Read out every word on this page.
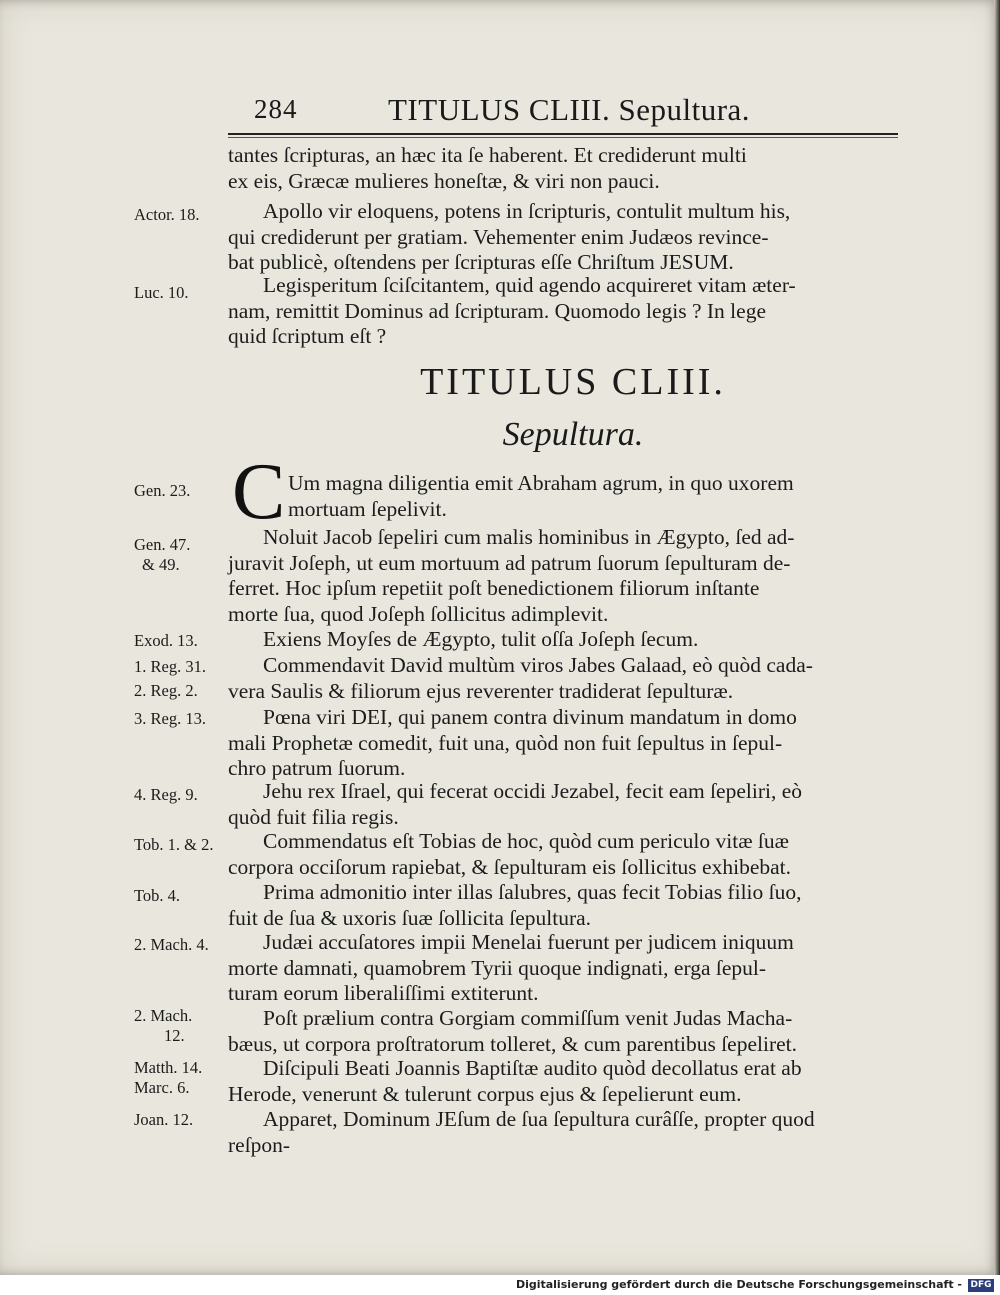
284	TITULUS CLIII. Sepultura.
tantes ſcripturas, an hæc ita ſe haberent. Et crediderunt multi
ex eis, Græcæ mulieres honeſtæ, & viri non pauci.
Actor. 18.	Apollo vir eloquens, potens in ſcripturis, contulit multum his,
qui crediderunt per gratiam. Vehementer enim Judæos revince-
bat publicè, oſtendens per ſcripturas eſſe Chriſtum JESUM.
Luc. 10.	Legisperitum ſciſcitantem, quid agendo acquireret vitam æter-
nam, remittit Dominus ad ſcripturam. Quomodo legis ? In lege
quid ſcriptum eſt ?
TITULUS CLIII.
Sepultura.
C
Gen. 23.	Um magna diligentia emit Abraham agrum, in quo uxorem
mortuam ſepelivit.
Gen. 47.
& 49.
Noluit Jacob ſepeliri cum malis hominibus in Ægypto, ſed ad-
juravit Joſeph, ut eum mortuum ad patrum ſuorum ſepulturam de-
ferret. Hoc ipſum repetiit poſt benedictionem filiorum inſtante
morte ſua, quod Joſeph ſollicitus adimplevit.
Exod. 13.	Exiens Moyſes de Ægypto, tulit oſſa Joſeph ſecum.
1. Reg. 31.
2. Reg. 2.
Commendavit David multùm viros Jabes Galaad, eò quòd cada-
vera Saulis & filiorum ejus reverenter tradiderat ſepulturæ.
3. Reg. 13.	Pœna viri DEI, qui panem contra divinum mandatum in domo
mali Prophetæ comedit, fuit una, quòd non fuit ſepultus in ſepul-
chro patrum ſuorum.
4. Reg. 9.	Jehu rex Iſrael, qui fecerat occidi Jezabel, fecit eam ſepeliri, eò
quòd fuit filia regis.
Tob. 1. & 2.	Commendatus eſt Tobias de hoc, quòd cum periculo vitæ ſuæ
corpora occiſorum rapiebat, & ſepulturam eis ſollicitus exhibebat.
Tob. 4.	Prima admonitio inter illas ſalubres, quas fecit Tobias filio ſuo,
fuit de ſua & uxoris ſuæ ſollicita ſepultura.
2. Mach. 4.	Judæi accuſatores impii Menelai fuerunt per judicem iniquum
morte damnati, quamobrem Tyrii quoque indignati, erga ſepul-
turam eorum liberaliſſimi extiterunt.
2. Mach.
12.
Poſt prælium contra Gorgiam commiſſum venit Judas Macha-
bæus, ut corpora proſtratorum tolleret, & cum parentibus ſepeliret.
Matth. 14.
Marc. 6.
Diſcipuli Beati Joannis Baptiſtæ audito quòd decollatus erat ab
Herode, venerunt & tulerunt corpus ejus & ſepelierunt eum.
Joan. 12.	Apparet, Dominum JEſum de ſua ſepultura curâſſe, propter quod
reſpon-
Digitalisierung gefördert durch die Deutsche Forschungsgemeinschaft - DFG
